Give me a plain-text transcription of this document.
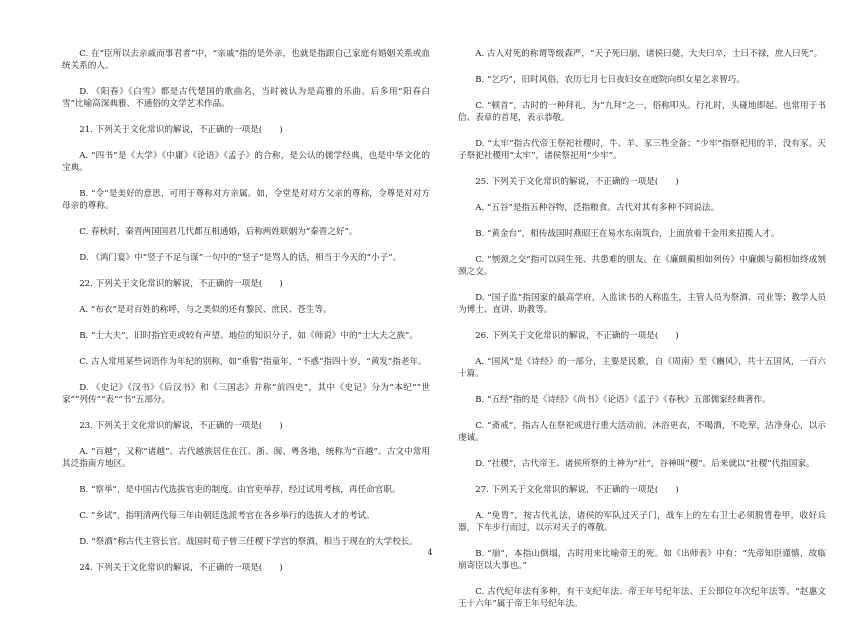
C. 在“臣所以去亲戚而事君者”中，“亲戚”指的是外亲，也就是指跟自己家庭有婚姻关系或血统关系的人。

D. 《阳春》《白雪》都是古代楚国的歌曲名，当时被认为是高雅的乐曲。后多用“阳春白雪”比喻高深典雅、不通俗的文学艺术作品。

21. 下列关于文化常识的解说，不正确的一项是(　　)

A. “四书”是《大学》《中庸》《论语》《孟子》的合称，是公认的儒学经典，也是中华文化的宝典。

B. “令”是美好的意思，可用于尊称对方亲属。如，令堂是对对方父亲的尊称，令尊是对对方母亲的尊称。

C. 春秋时，秦晋两国国君几代都互相通婚，后称两姓联姻为“秦晋之好”。

D. 《鸿门宴》中“竖子不足与谋”一句中的“竖子”是骂人的话，相当于今天的“小子”。

22. 下列关于文化常识的解说，不正确的一项是(　　)

A. “布衣”是对百姓的称呼，与之类似的还有黎民、庶民、苍生等。

B. “士大夫”，旧时指官吏或较有声望、地位的知识分子，如《师说》中的“士大夫之族”。

C. 古人常用某些词语作为年纪的别称，如“垂髫”指童年，“不惑”指四十岁，“黄发”指老年。

D. 《史记》《汉书》《后汉书》和《三国志》并称“前四史”，其中《史记》分为“本纪”“世家”“列传”“表”“书”五部分。

23. 下列关于文化常识的解说，不正确的一项是(　　)

A. “百越”，又称“诸越”。古代越族居住在江、浙、闽、粤各地，统称为“百越”。古文中常用其泛指南方地区。

B. “察举”，是中国古代选拔官吏的制度。由官吏举荐，经过试用考核，再任命官职。

C. “乡试”，指明清两代每三年由朝廷选派考官在各乡举行的选拔人才的考试。

D. “祭酒”称古代主管长官。战国时荀子曾三任稷下学宫的祭酒，相当于现在的大学校长。

24. 下列关于文化常识的解说，不正确的一项是(　　)

A. 古人对死的称谓等级森严，“天子死曰崩，诸侯曰薨，大夫曰卒，士曰不禄，庶人曰死”。

B. “乞巧”，旧时风俗，农历七月七日夜妇女在庭院向织女星乞求智巧。

C. “顿首”，古时的一种拜礼，为“九拜”之一，俗称叩头。行礼时，头碰地即起。也常用于书信、表章的首尾，表示恭敬。

D. “太牢”指古代帝王祭祀社稷时，牛、羊、豕三牲全备；“少牢”指祭祀用的羊，没有豕。天子祭祀社稷用“太牢”，诸侯祭祀用“少牢”。

25. 下列关于文化常识的解说，不正确的一项是(　　)

A. “五谷”是指五种谷物，泛指粮食。古代对其有多种不同说法。

B. “黄金台”，相传战国时燕昭王在易水东南筑台，上面放着千金用来招揽人才。

C. “刎颈之交”指可以同生死、共患难的朋友。在《廉颇蔺相如列传》中廉颇与蔺相如终成刎颈之交。

D. “国子监”指国家的最高学府，入监读书的人称监生，主管人员为祭酒、司业等；教学人员为博士、直讲、助教等。

26. 下列关于文化常识的解说，不正确的一项是(　　)

A. “国风”是《诗经》的一部分，主要是民歌，自《周南》至《豳风》，共十五国风，一百六十篇。

B. “五经”指的是《诗经》《尚书》《论语》《孟子》《春秋》五部儒家经典著作。

C. “斋戒”，指古人在祭祀或进行重大活动前，沐浴更衣，不喝酒，不吃荤，洁净身心，以示虔诚。

D. “社稷”，古代帝王、诸侯所祭的土神为“社”，谷神叫“稷”。后来就以“社稷”代指国家。

27. 下列关于文化常识的解说，不正确的一项是(　　)

A. “免胄”，按古代礼法，诸侯的军队过天子门，战车上的左右卫士必须脱胄卷甲，收好兵器，下车步行而过，以示对天子的尊敬。

B. “崩”，本指山倒塌，古时用来比喻帝王的死。如《出师表》中有：“先帝知臣谨慎，故临崩寄臣以大事也。”

C. 古代纪年法有多种，有干支纪年法、帝王年号纪年法、王公即位年次纪年法等。“赵惠文王十六年”属于帝王年号纪年法。

4
